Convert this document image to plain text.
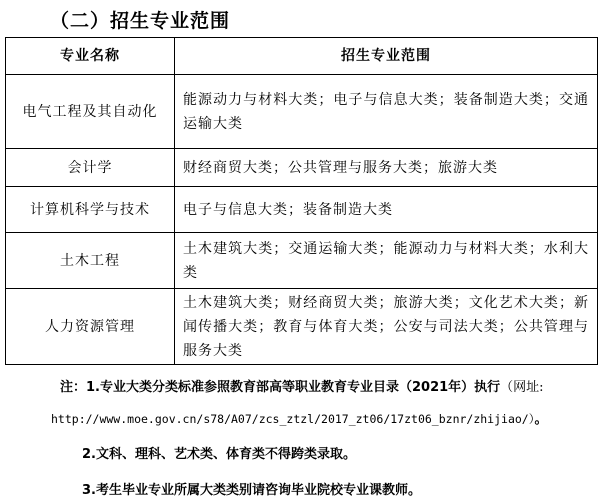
（二）招生专业范围
专业名称	招生专业范围
电气工程及其自动化	能源动力与材料大类；电子与信息大类；装备制造大类；交通运输大类
会计学	财经商贸大类；公共管理与服务大类；旅游大类
计算机科学与技术	电子与信息大类；装备制造大类
土木工程	土木建筑大类；交通运输大类；能源动力与材料大类；水利大类
人力资源管理	土木建筑大类；财经商贸大类；旅游大类；文化艺术大类；新闻传播大类；教育与体育大类；公安与司法大类；公共管理与服务大类
注：1.专业大类分类标准参照教育部高等职业教育专业目录（2021年）执行（网址:
http://www.moe.gov.cn/s78/A07/zcs_ztzl/2017_zt06/17zt06_bznr/zhijiao/）。
2.文科、理科、艺术类、体育类不得跨类录取。
3.考生毕业专业所属大类类别请咨询毕业院校专业课教师。
